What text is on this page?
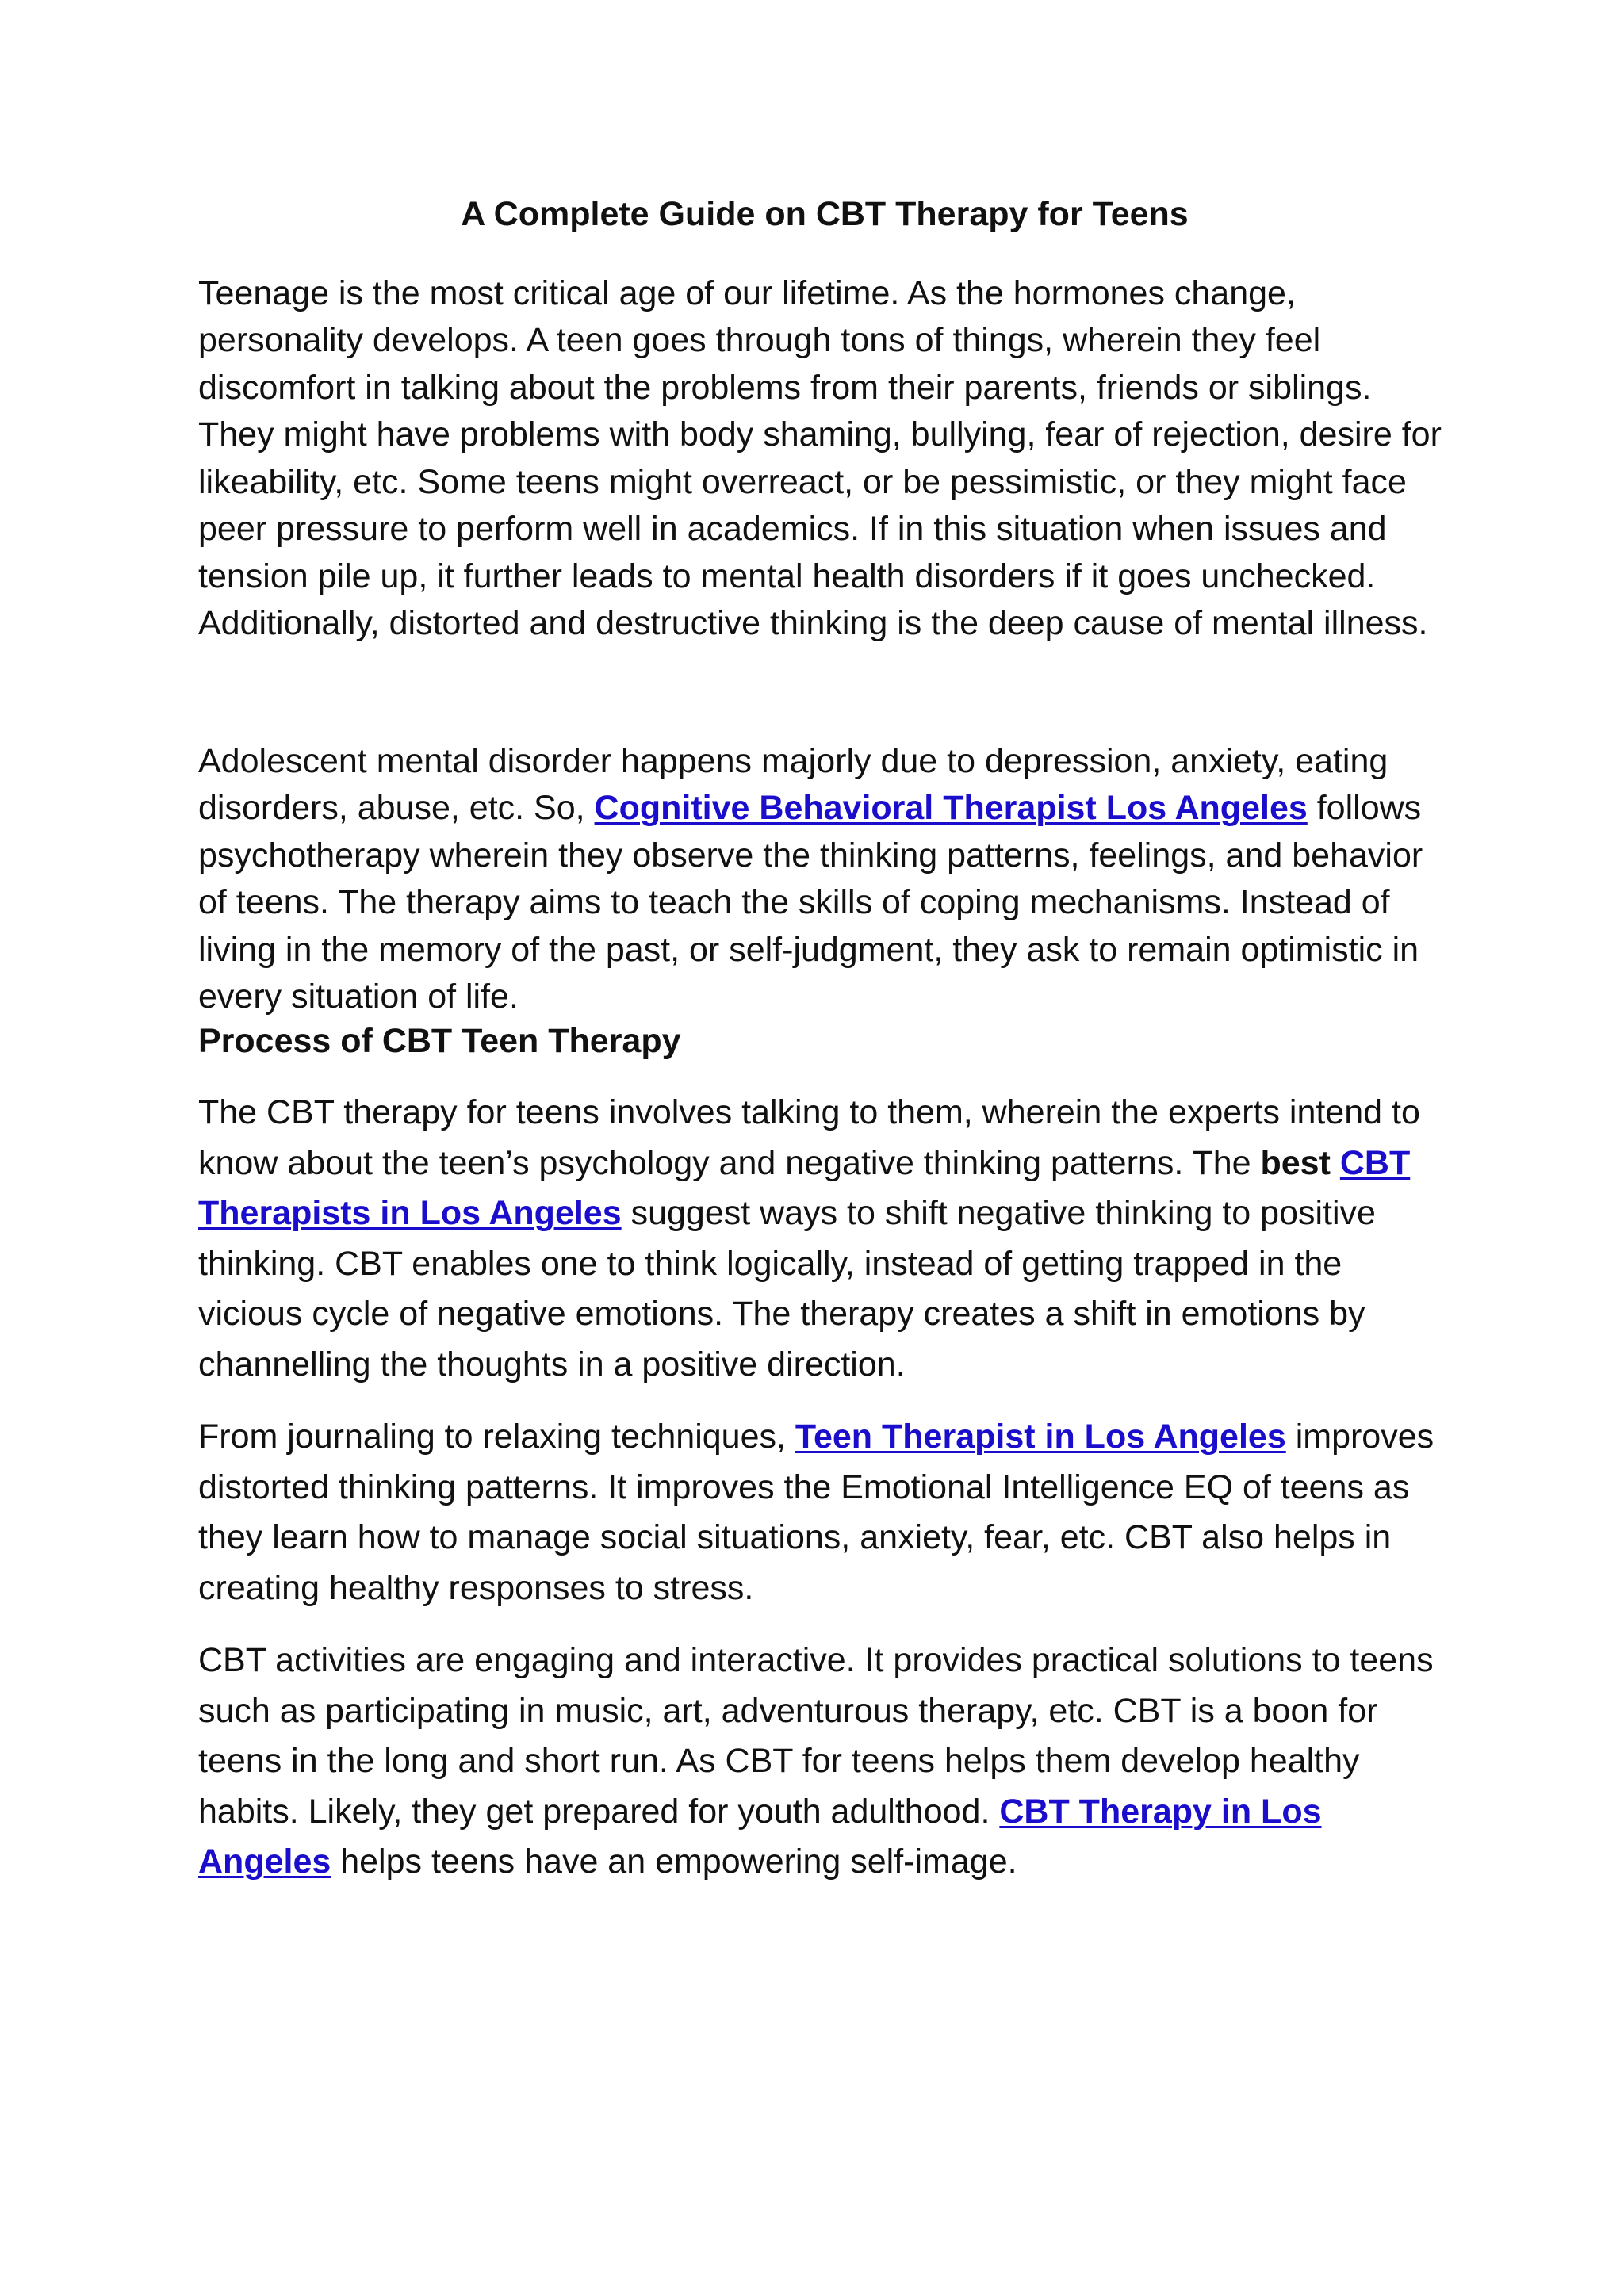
A Complete Guide on CBT Therapy for Teens

Teenage is the most critical age of our lifetime. As the hormones change, personality develops. A teen goes through tons of things, wherein they feel discomfort in talking about the problems from their parents, friends or siblings. They might have problems with body shaming, bullying, fear of rejection, desire for likeability, etc. Some teens might overreact, or be pessimistic, or they might face peer pressure to perform well in academics. If in this situation when issues and tension pile up, it further leads to mental health disorders if it goes unchecked. Additionally, distorted and destructive thinking is the deep cause of mental illness.

Adolescent mental disorder happens majorly due to depression, anxiety, eating disorders, abuse, etc. So, Cognitive Behavioral Therapist Los Angeles follows psychotherapy wherein they observe the thinking patterns, feelings, and behavior of teens. The therapy aims to teach the skills of coping mechanisms. Instead of living in the memory of the past, or self-judgment, they ask to remain optimistic in every situation of life.

Process of CBT Teen Therapy

The CBT therapy for teens involves talking to them, wherein the experts intend to know about the teen’s psychology and negative thinking patterns. The best CBT Therapists in Los Angeles suggest ways to shift negative thinking to positive thinking. CBT enables one to think logically, instead of getting trapped in the vicious cycle of negative emotions. The therapy creates a shift in emotions by channelling the thoughts in a positive direction.

From journaling to relaxing techniques, Teen Therapist in Los Angeles improves distorted thinking patterns. It improves the Emotional Intelligence EQ of teens as they learn how to manage social situations, anxiety, fear, etc. CBT also helps in creating healthy responses to stress.

CBT activities are engaging and interactive. It provides practical solutions to teens such as participating in music, art, adventurous therapy, etc. CBT is a boon for teens in the long and short run. As CBT for teens helps them develop healthy habits. Likely, they get prepared for youth adulthood. CBT Therapy in Los Angeles helps teens have an empowering self-image.
